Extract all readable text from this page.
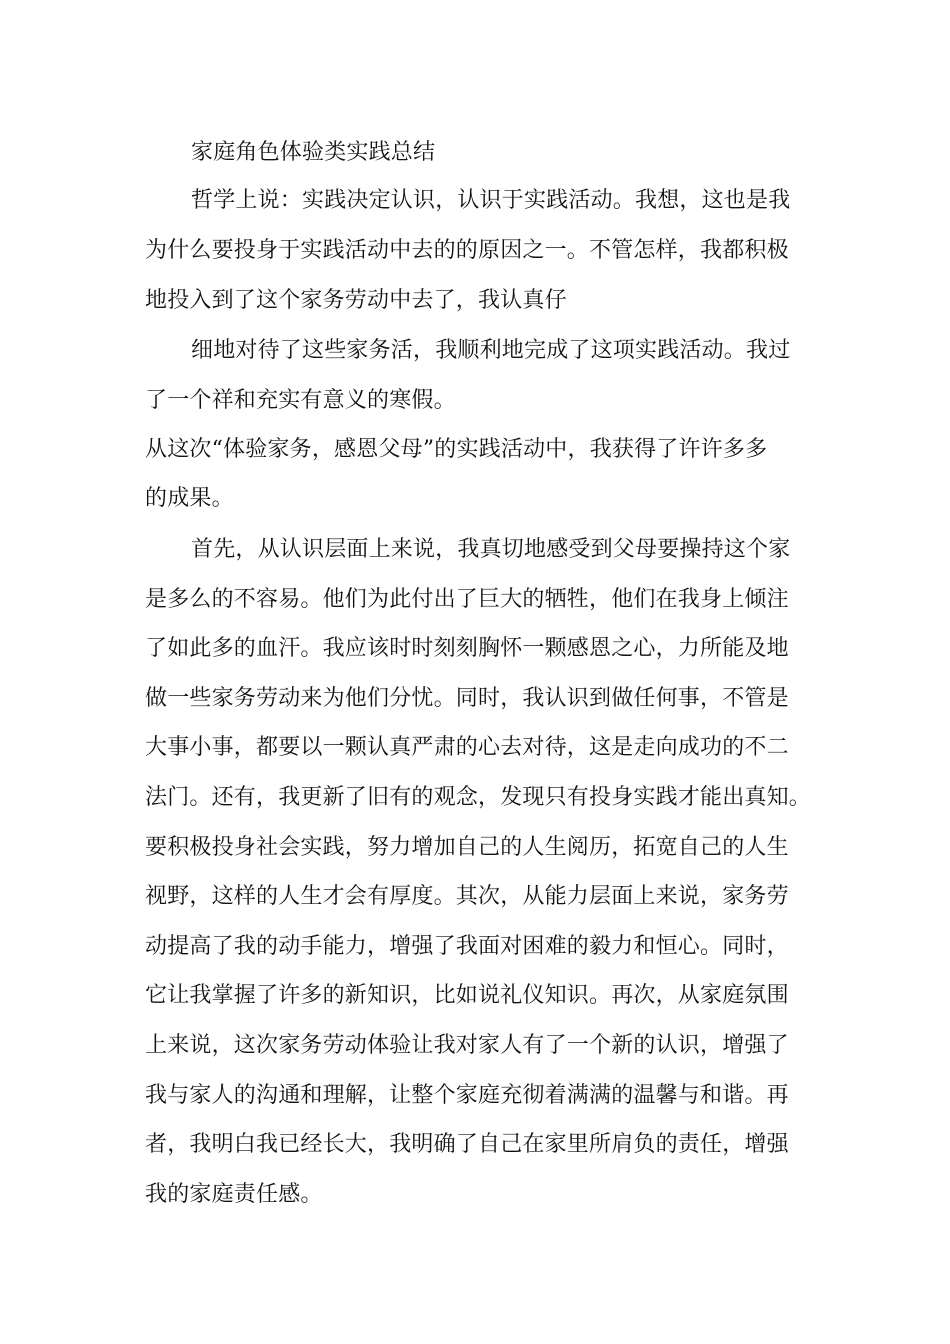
家庭角色体验类实践总结
哲学上说：实践决定认识，认识于实践活动。我想，这也是我
为什么要投身于实践活动中去的的原因之一。不管怎样，我都积极
地投入到了这个家务劳动中去了，我认真仔
细地对待了这些家务活，我顺利地完成了这项实践活动。我过
了一个祥和充实有意义的寒假。
从这次“体验家务，感恩父母”的实践活动中，我获得了许许多多
的成果。
首先，从认识层面上来说，我真切地感受到父母要操持这个家
是多么的不容易。他们为此付出了巨大的牺牲，他们在我身上倾注
了如此多的血汗。我应该时时刻刻胸怀一颗感恩之心，力所能及地
做一些家务劳动来为他们分忧。同时，我认识到做任何事，不管是
大事小事，都要以一颗认真严肃的心去对待，这是走向成功的不二
法门。还有，我更新了旧有的观念，发现只有投身实践才能出真知。
要积极投身社会实践，努力增加自己的人生阅历，拓宽自己的人生
视野，这样的人生才会有厚度。其次，从能力层面上来说，家务劳
动提高了我的动手能力，增强了我面对困难的毅力和恒心。同时，
它让我掌握了许多的新知识，比如说礼仪知识。再次，从家庭氛围
上来说，这次家务劳动体验让我对家人有了一个新的认识，增强了
我与家人的沟通和理解，让整个家庭充彻着满满的温馨与和谐。再
者，我明白我已经长大，我明确了自己在家里所肩负的责任，增强
我的家庭责任感。
